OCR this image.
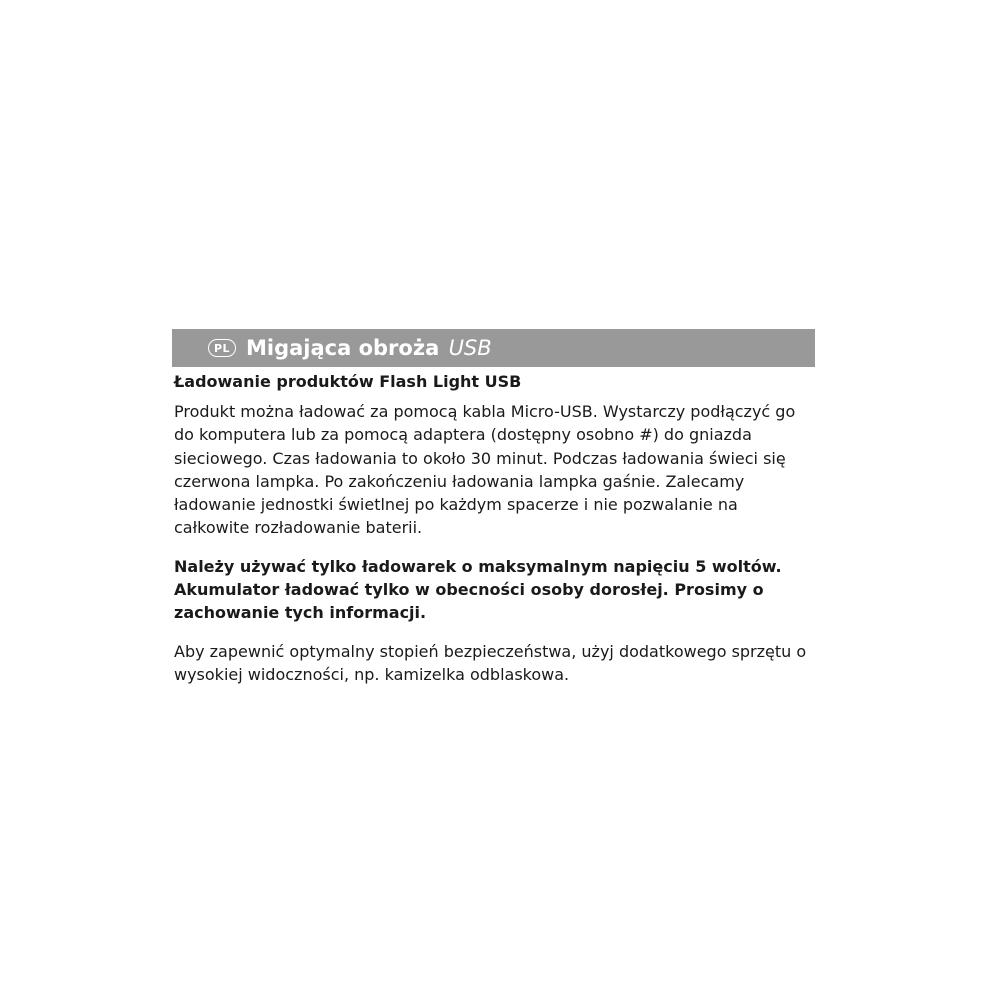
PL Migająca obroża USB
Ładowanie produktów Flash Light USB
Produkt można ładować za pomocą kabla Micro-USB. Wystarczy podłączyć go
do komputera lub za pomocą adaptera (dostępny osobno #) do gniazda
sieciowego. Czas ładowania to około 30 minut. Podczas ładowania świeci się
czerwona lampka. Po zakończeniu ładowania lampka gaśnie. Zalecamy
ładowanie jednostki świetlnej po każdym spacerze i nie pozwalanie na
całkowite rozładowanie baterii.
Należy używać tylko ładowarek o maksymalnym napięciu 5 woltów.
Akumulator ładować tylko w obecności osoby dorosłej. Prosimy o
zachowanie tych informacji.
Aby zapewnić optymalny stopień bezpieczeństwa, użyj dodatkowego sprzętu o
wysokiej widoczności, np. kamizelka odblaskowa.
